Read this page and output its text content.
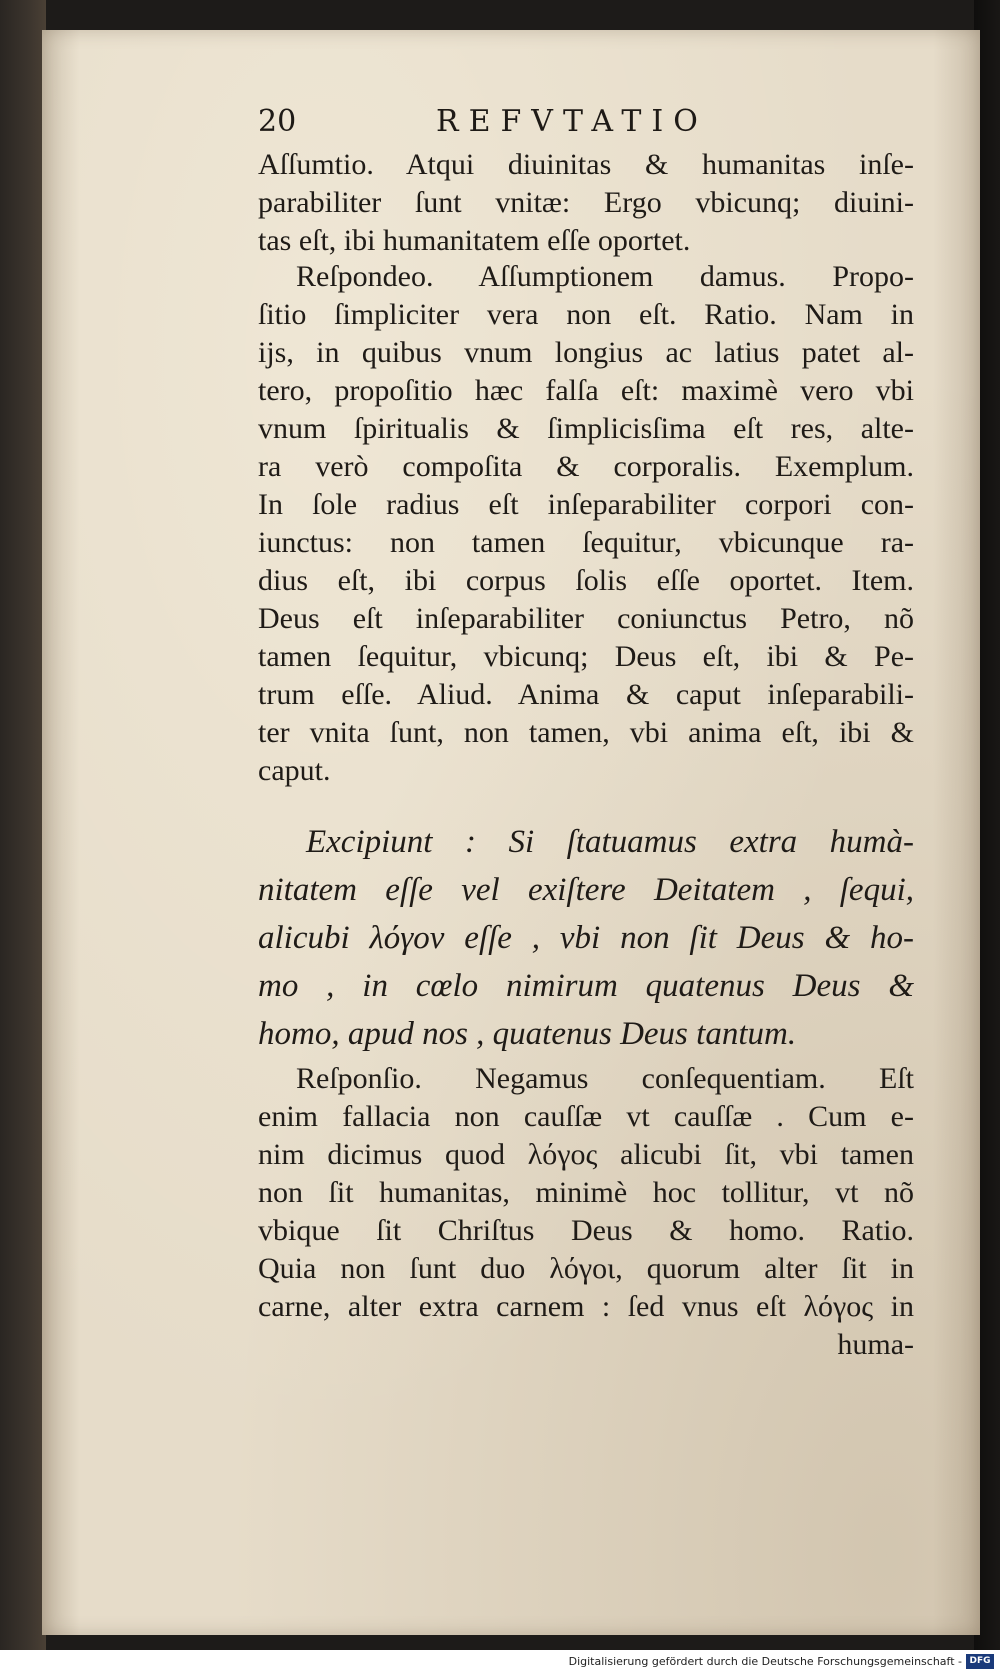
20	REFVTATIO
Aſſumtio. Atqui diuinitas & humanitas inſe-
parabiliter ſunt vnitæ: Ergo vbicunq; diuini-
tas eſt, ibi humanitatem eſſe oportet.
Reſpondeo. Aſſumptionem damus. Propo-
ſitio ſimpliciter vera non eſt. Ratio. Nam in
ijs, in quibus vnum longius ac latius patet al-
tero, propoſitio hæc falſa eſt: maximè vero vbi
vnum ſpiritualis & ſimplicisſima eſt res, alte-
ra verò compoſita & corporalis. Exemplum.
In ſole radius eſt inſeparabiliter corpori con-
iunctus: non tamen ſequitur, vbicunque ra-
dius eſt, ibi corpus ſolis eſſe oportet. Item.
Deus eſt inſeparabiliter coniunctus Petro, nõ
tamen ſequitur, vbicunq; Deus eſt, ibi & Pe-
trum eſſe. Aliud. Anima & caput inſeparabili-
ter vnita ſunt, non tamen, vbi anima eſt, ibi &
caput.
Excipiunt : Si ſtatuamus extra humà-
nitatem eſſe vel exiſtere Deitatem , ſequi,
alicubi λόγον eſſe , vbi non ſit Deus & ho-
mo , in cœlo nimirum quatenus Deus &
homo, apud nos , quatenus Deus tantum.
Reſponſio. Negamus conſequentiam. Eſt
enim fallacia non cauſſæ vt cauſſæ . Cum e-
nim dicimus quod λόγος alicubi ſit, vbi tamen
non ſit humanitas, minimè hoc tollitur, vt nõ
vbique ſit Chriſtus Deus & homo. Ratio.
Quia non ſunt duo λόγοι, quorum alter ſit in
carne, alter extra carnem : ſed vnus eſt λόγος in
huma-
Digitalisierung gefördert durch die Deutsche Forschungsgemeinschaft - DFG
